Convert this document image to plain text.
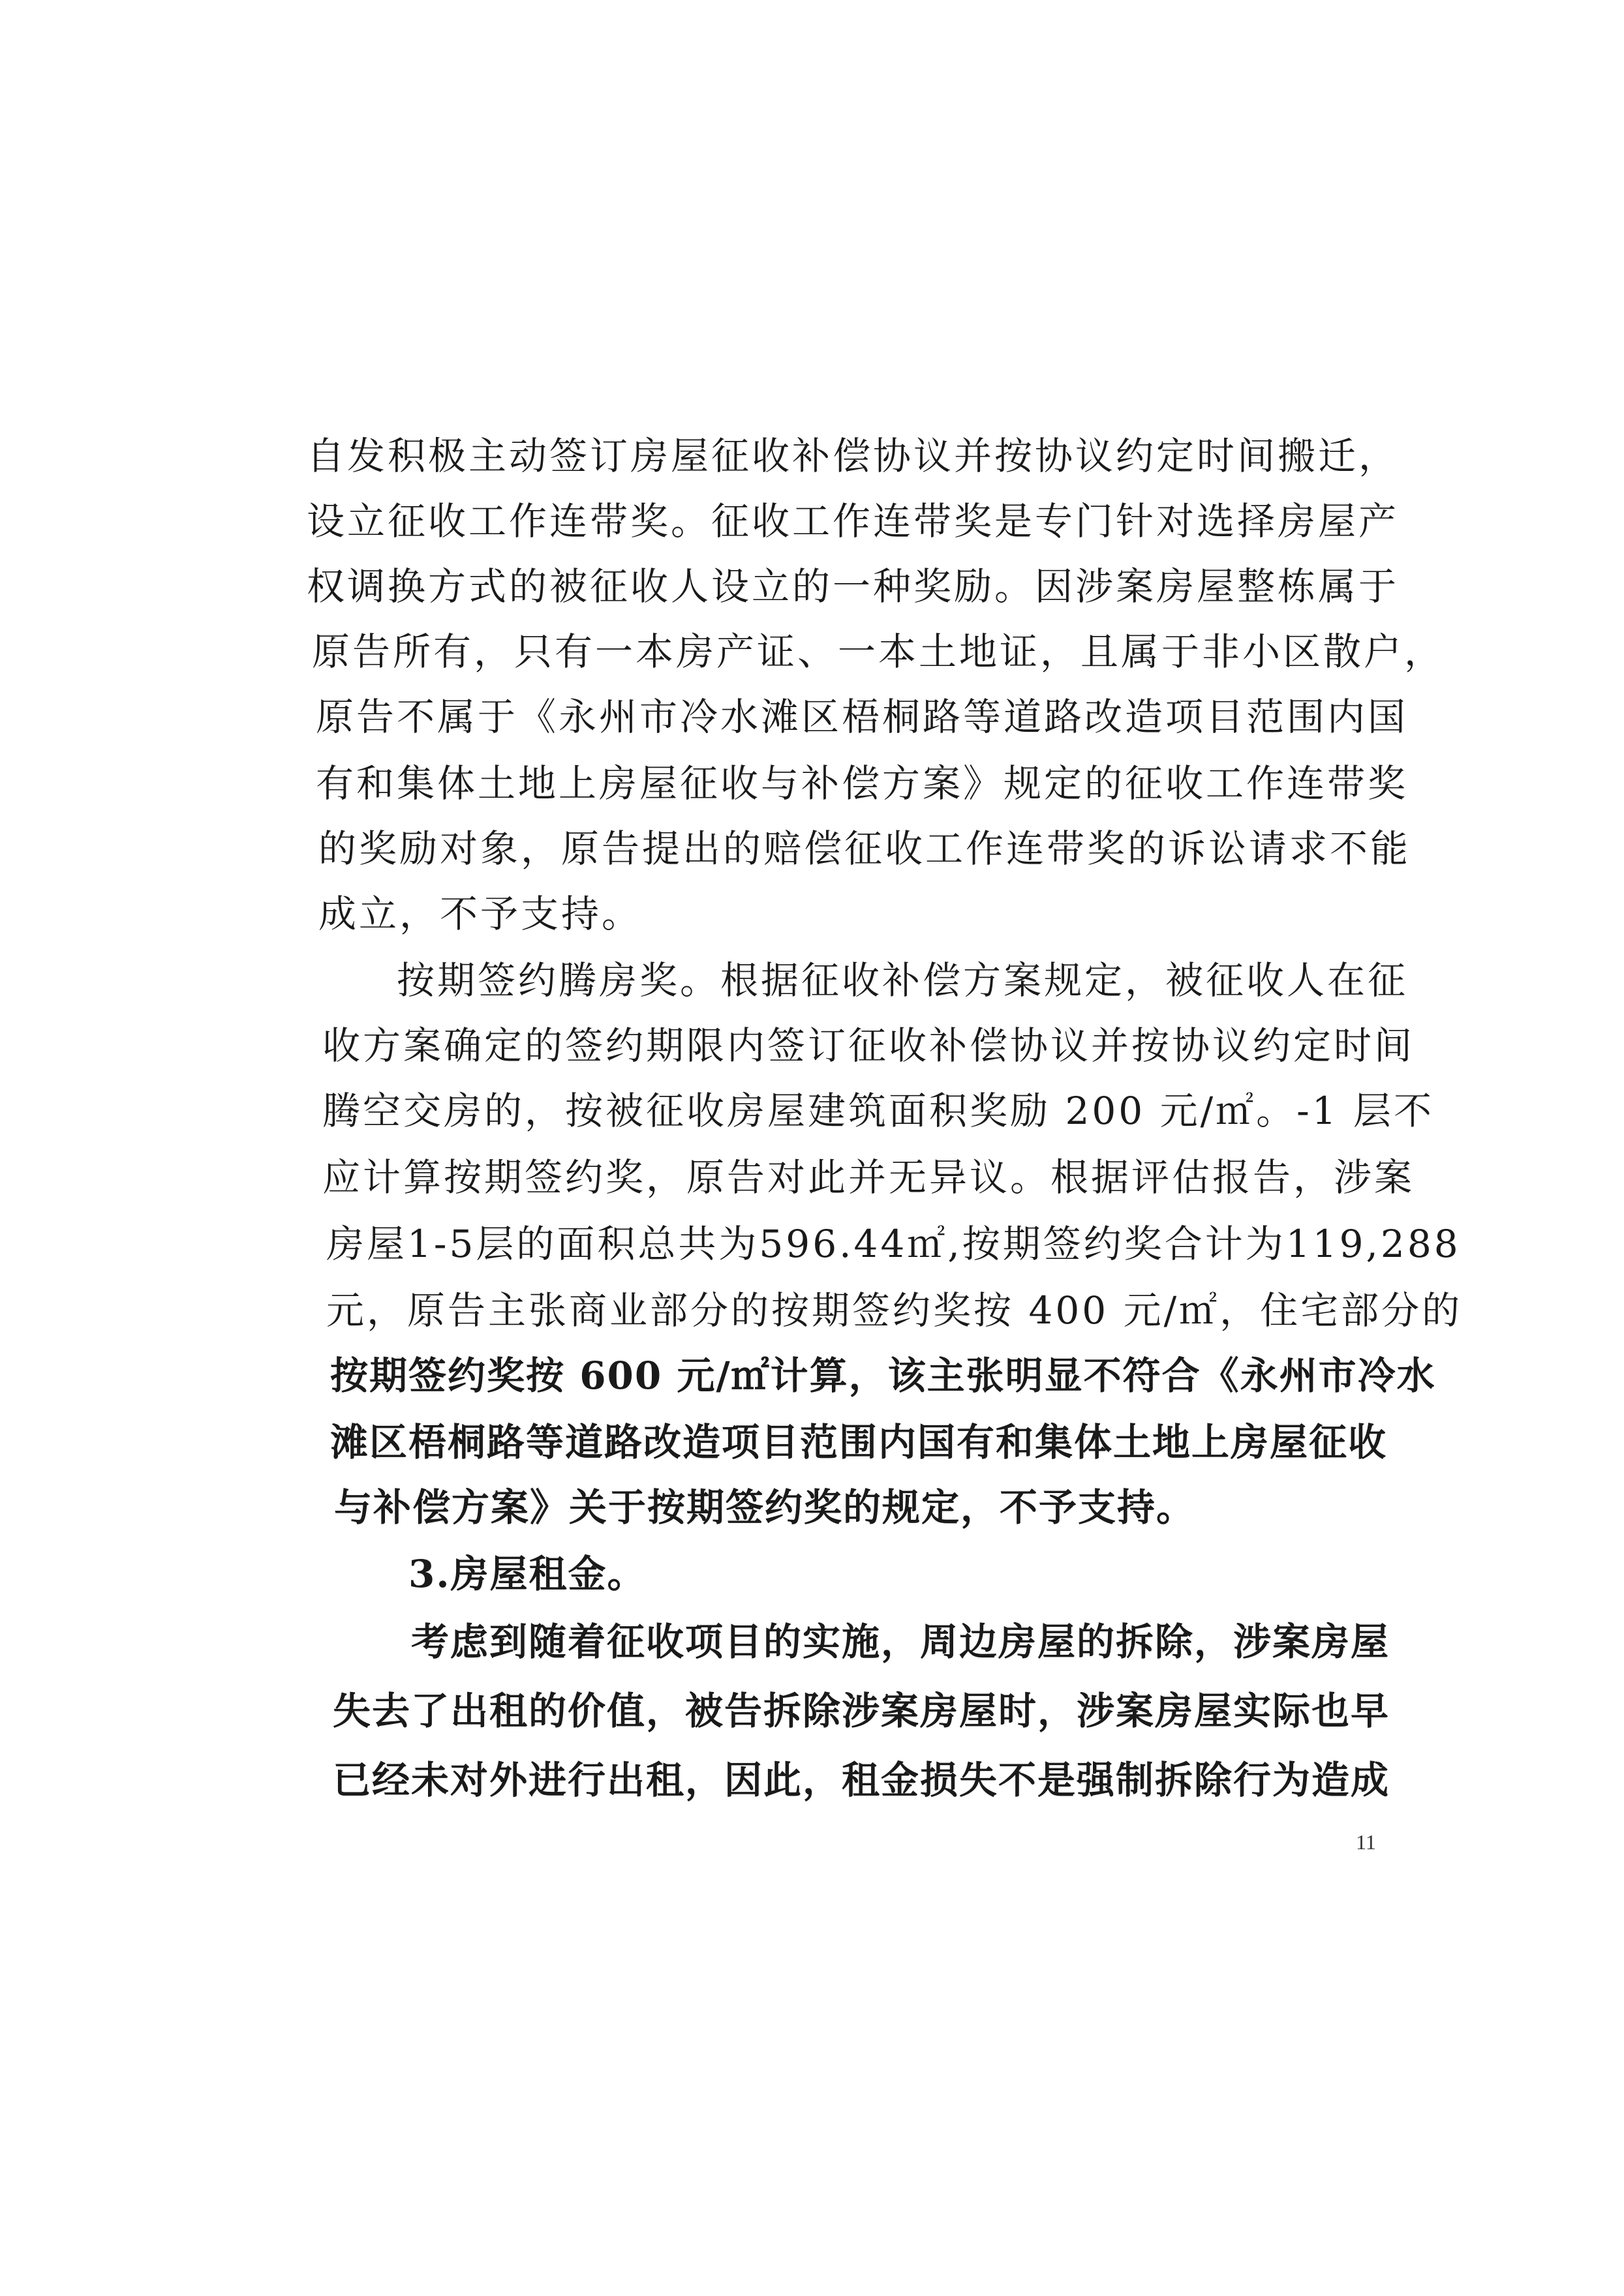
自发积极主动签订房屋征收补偿协议并按协议约定时间搬迁，
设立征收工作连带奖。征收工作连带奖是专门针对选择房屋产
权调换方式的被征收人设立的一种奖励。因涉案房屋整栋属于
原告所有，只有一本房产证、一本土地证，且属于非小区散户，
原告不属于《永州市冷水滩区梧桐路等道路改造项目范围内国
有和集体土地上房屋征收与补偿方案》规定的征收工作连带奖
的奖励对象，原告提出的赔偿征收工作连带奖的诉讼请求不能
成立，不予支持。
按期签约腾房奖。根据征收补偿方案规定，被征收人在征
收方案确定的签约期限内签订征收补偿协议并按协议约定时间
腾空交房的，按被征收房屋建筑面积奖励 200 元/㎡。-1 层不
应计算按期签约奖，原告对此并无异议。根据评估报告，涉案
房屋1-5层的面积总共为596.44㎡,按期签约奖合计为119,288
元，原告主张商业部分的按期签约奖按 400 元/㎡，住宅部分的
按期签约奖按 600 元/㎡计算，该主张明显不符合《永州市冷水
滩区梧桐路等道路改造项目范围内国有和集体土地上房屋征收
与补偿方案》关于按期签约奖的规定，不予支持。
3.房屋租金。
考虑到随着征收项目的实施，周边房屋的拆除，涉案房屋
失去了出租的价值，被告拆除涉案房屋时，涉案房屋实际也早
已经未对外进行出租，因此，租金损失不是强制拆除行为造成
11
